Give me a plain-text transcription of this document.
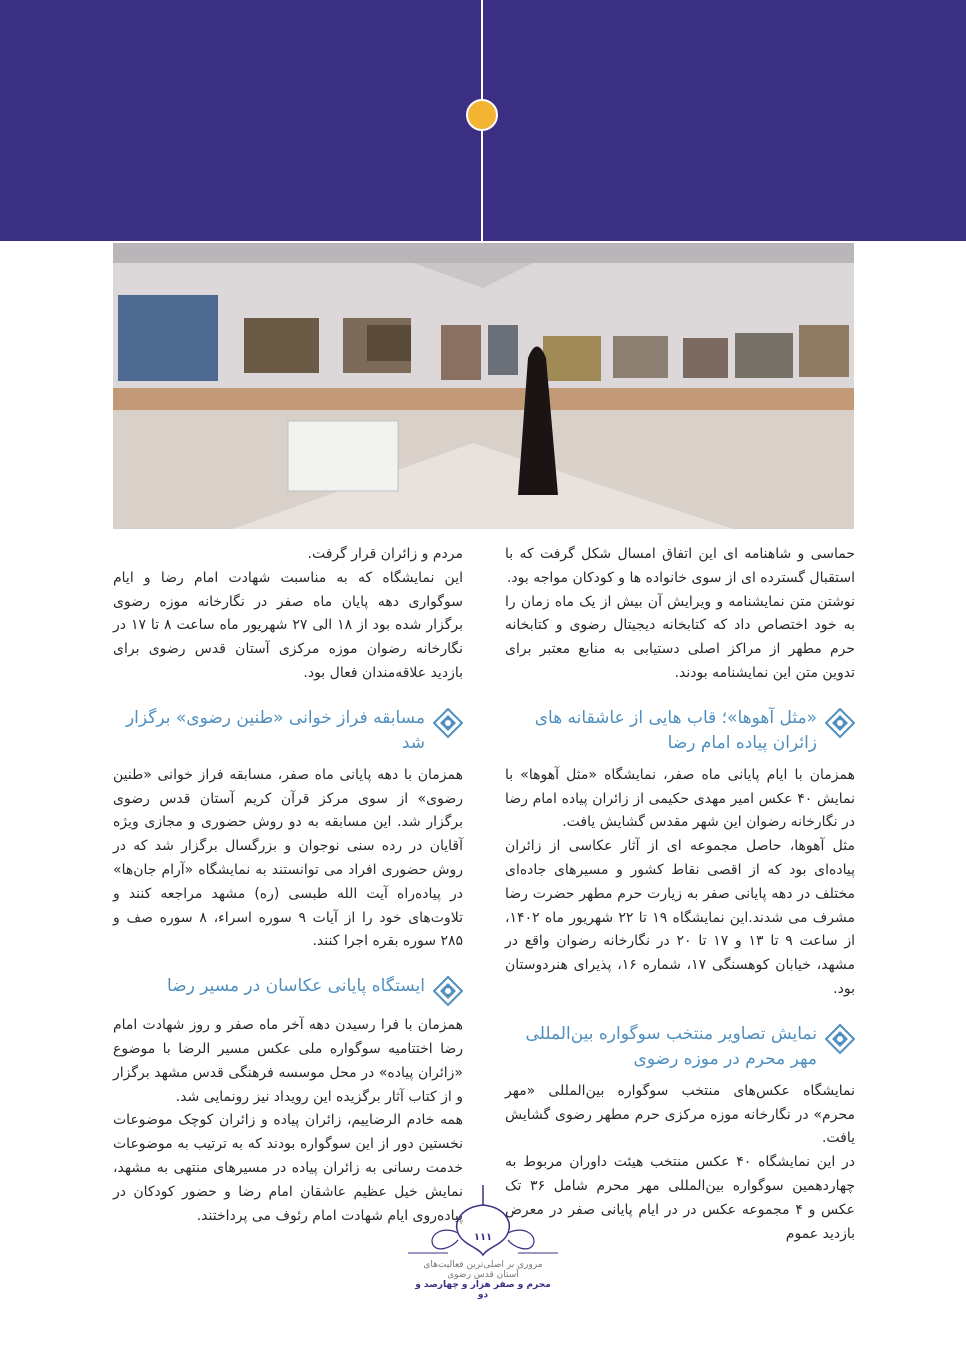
حماسی و شاهنامه ای این اتفاق امسال شکل گرفت که با استقبال گسترده ای از سوی خانواده ها و کودکان مواجه بود.

نوشتن متن نمایشنامه و ویرایش آن بیش از یک ماه زمان را به خود اختصاص داد که کتابخانه دیجیتال رضوی و کتابخانه حرم مطهر از مراکز اصلی دستیابی به منابع معتبر برای تدوین متن این نمایشنامه بودند.

«مثل آهوها»؛ قاب هایی از عاشقانه های زائران پیاده امام رضا

همزمان با ایام پایانی ماه صفر، نمایشگاه «مثل آهوها» با نمایش ۴۰ عکس امیر مهدی حکیمی از زائران پیاده امام رضا در نگارخانه رضوان این شهر مقدس گشایش یافت.

مثل آهوها، حاصل مجموعه ای از آثار عکاسی از زائران پیاده‌ای بود که از اقصی نقاط کشور و مسیرهای جاده‌ای مختلف در دهه پایانی صفر به زیارت حرم مطهر حضرت رضا مشرف می شدند.این نمایشگاه ۱۹ تا ۲۲ شهریور ماه ۱۴۰۲، از ساعت ۹ تا ۱۳ و ۱۷ تا ۲۰ در نگارخانه رضوان واقع در مشهد، خیابان کوهسنگی ۱۷، شماره ۱۶، پذیرای هنردوستان بود.

نمایش تصاویر منتخب سوگواره بین‌المللی مهر محرم در موزه رضوی

نمایشگاه عکس‌های منتخب سوگواره بین‌المللی «مهر محرم» در نگارخانه موزه مرکزی حرم مطهر رضوی گشایش یافت.

در این نمایشگاه ۴۰ عکس منتخب هیئت داوران مربوط به چهاردهمین سوگواره بین‌المللی مهر محرم شامل ۳۶ تک عکس و ۴ مجموعه عکس در در ایام پایانی صفر در معرض بازدید عموم

مردم و زائران قرار گرفت.

این نمایشگاه که به مناسبت شهادت امام رضا و ایام سوگواری دهه پایان ماه صفر در نگارخانه موزه رضوی برگزار شده بود از ۱۸ الی ۲۷ شهریور ماه ساعت ۸ تا ۱۷ در نگارخانه رضوان موزه مرکزی آستان قدس رضوی برای بازدید علاقه‌مندان فعال بود.

مسابقه فراز خوانی «طنین رضوی» برگزار شد

همزمان با دهه پایانی ماه صفر، مسابقه فراز خوانی «طنین رضوی» از سوی مرکز قرآن کریم آستان قدس رضوی برگزار شد. این مسابقه به دو روش حضوری و مجازی ویژه آقایان در رده سنی نوجوان و بزرگسال برگزار شد که در روش حضوری افراد می توانستند به نمایشگاه «آرام جان‌ها» در پیاده‌راه آیت الله طبسی (ره) مشهد مراجعه کنند و تلاوت‌های خود را از آیات ۹ سوره اسراء، ۸ سوره صف و ۲۸۵ سوره بقره اجرا کنند.

ایستگاه پایانی عکاسان در مسیر رضا

همزمان با فرا رسیدن دهه آخر ماه صفر و روز شهادت امام رضا اختتامیه سوگواره ملی عکس مسیر الرضا با موضوع «زائران پیاده» در محل موسسه فرهنگی قدس مشهد برگزار و از کتاب آثار برگزیده این رویداد نیز رونمایی شد.

همه خادم الرضاییم، زائران پیاده و زائران کوچک موضوعات نخستین دور از این سوگواره بودند که به ترتیب به موضوعات خدمت رسانی به زائران پیاده در مسیرهای منتهی به مشهد، نمایش خیل عظیم عاشقان امام رضا و حضور کودکان در پیاده‌روی ایام شهادت امام رئوف می پرداختند.

۱۱۱
مروری بر اصلی‌ترین فعالیت‌های آستان قدس رضوی
محرم و صفر هزار و چهارصد و دو
